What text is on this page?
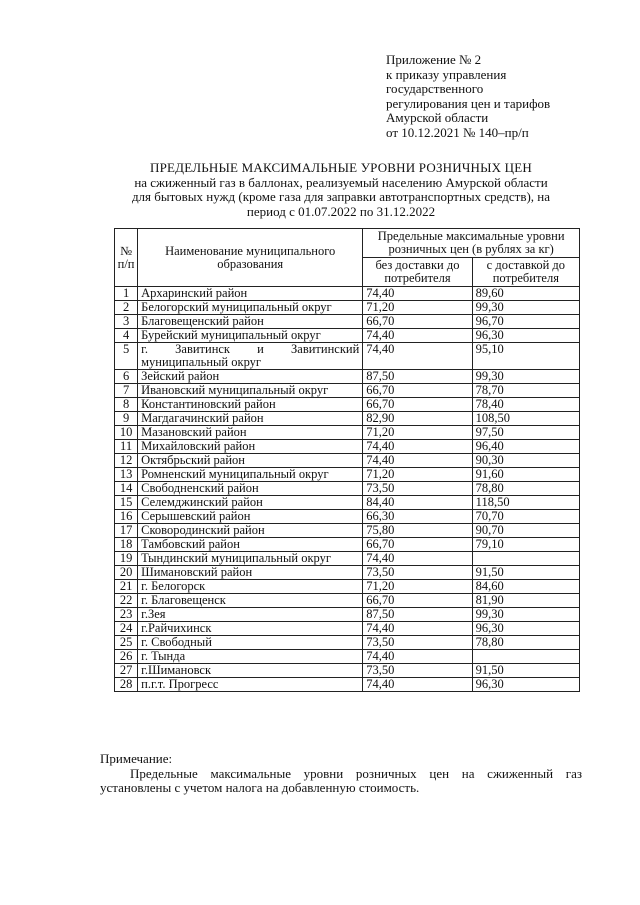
Приложение № 2
к приказу управления
государственного
регулирования цен и тарифов
Амурской области
от 10.12.2021 № 140–пр/п
ПРЕДЕЛЬНЫЕ МАКСИМАЛЬНЫЕ УРОВНИ РОЗНИЧНЫХ ЦЕН
на сжиженный газ в баллонах, реализуемый населению Амурской области
для бытовых нужд (кроме газа для заправки автотранспортных средств), на
период с 01.07.2022 по 31.12.2022
№ п/п	Наименование муниципального образования	Предельные максимальные уровни розничных цен (в рублях за кг)	
		без доставки до потребителя	с доставкой до потребителя
1	Архаринский район	74,40	89,60
2	Белогорский муниципальный округ	71,20	99,30
3	Благовещенский район	66,70	96,70
4	Бурейский муниципальный округ	74,40	96,30
5	г. Завитинск и Завитинский муниципальный округ	74,40	95,10
6	Зейский район	87,50	99,30
7	Ивановский муниципальный округ	66,70	78,70
8	Константиновский район	66,70	78,40
9	Магдагачинский район	82,90	108,50
10	Мазановский район	71,20	97,50
11	Михайловский район	74,40	96,40
12	Октябрьский район	74,40	90,30
13	Ромненский муниципальный округ	71,20	91,60
14	Свободненский район	73,50	78,80
15	Селемджинский район	84,40	118,50
16	Серышевский район	66,30	70,70
17	Сковородинский район	75,80	90,70
18	Тамбовский район	66,70	79,10
19	Тындинский муниципальный округ	74,40	
20	Шимановский район	73,50	91,50
21	г. Белогорск	71,20	84,60
22	г. Благовещенск	66,70	81,90
23	г.Зея	87,50	99,30
24	г.Райчихинск	74,40	96,30
25	г. Свободный	73,50	78,80
26	г. Тында	74,40	
27	г.Шимановск	73,50	91,50
28	п.г.т. Прогресс	74,40	96,30
Примечание:
Предельные максимальные уровни розничных цен на сжиженный газ установлены с учетом налога на добавленную стоимость.
